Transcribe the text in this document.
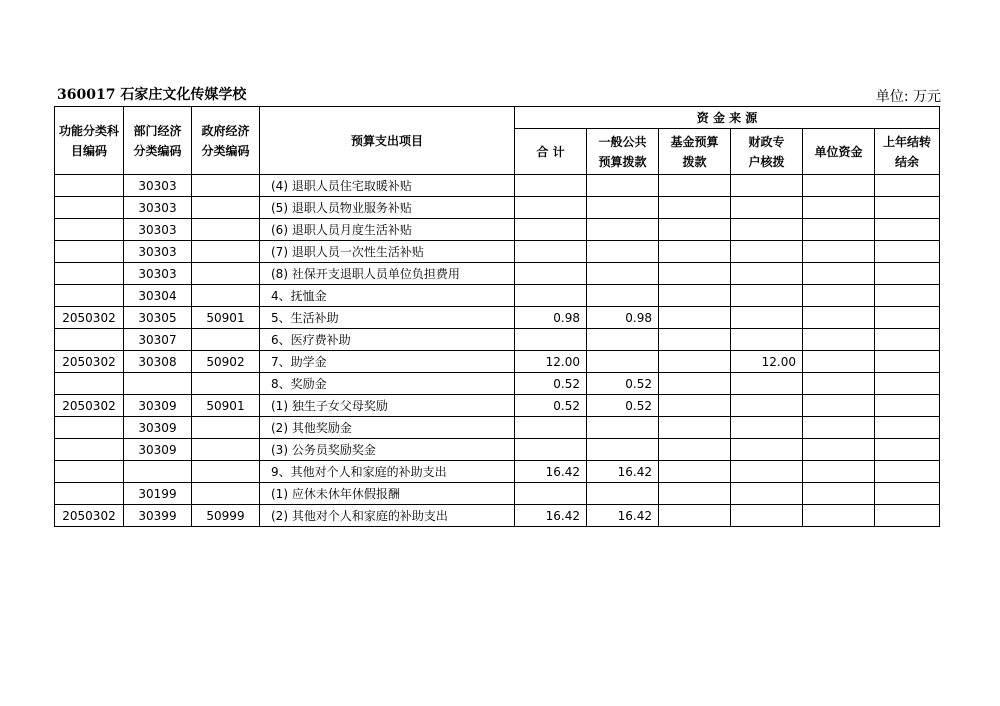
360017 石家庄文化传媒学校	单位: 万元
功能分类科目编码	部门经济分类编码	政府经济分类编码	预算支出项目	资 金 来 源					
				合 计	一般公共预算拨款	基金预算拨款	财政专户核拨	单位资金	上年结转结余
	30303		(4) 退职人员住宅取暖补贴						
	30303		(5) 退职人员物业服务补贴						
	30303		(6) 退职人员月度生活补贴						
	30303		(7) 退职人员一次性生活补贴						
	30303		(8) 社保开支退职人员单位负担费用						
	30304		4、抚恤金						
2050302	30305	50901	5、生活补助	0.98	0.98				
	30307		6、医疗费补助						
2050302	30308	50902	7、助学金	12.00			12.00		
			8、奖励金	0.52	0.52				
2050302	30309	50901	(1) 独生子女父母奖励	0.52	0.52				
	30309		(2) 其他奖励金						
	30309		(3) 公务员奖励奖金						
			9、其他对个人和家庭的补助支出	16.42	16.42				
	30199		(1) 应休未休年休假报酬						
2050302	30399	50999	(2) 其他对个人和家庭的补助支出	16.42	16.42				
